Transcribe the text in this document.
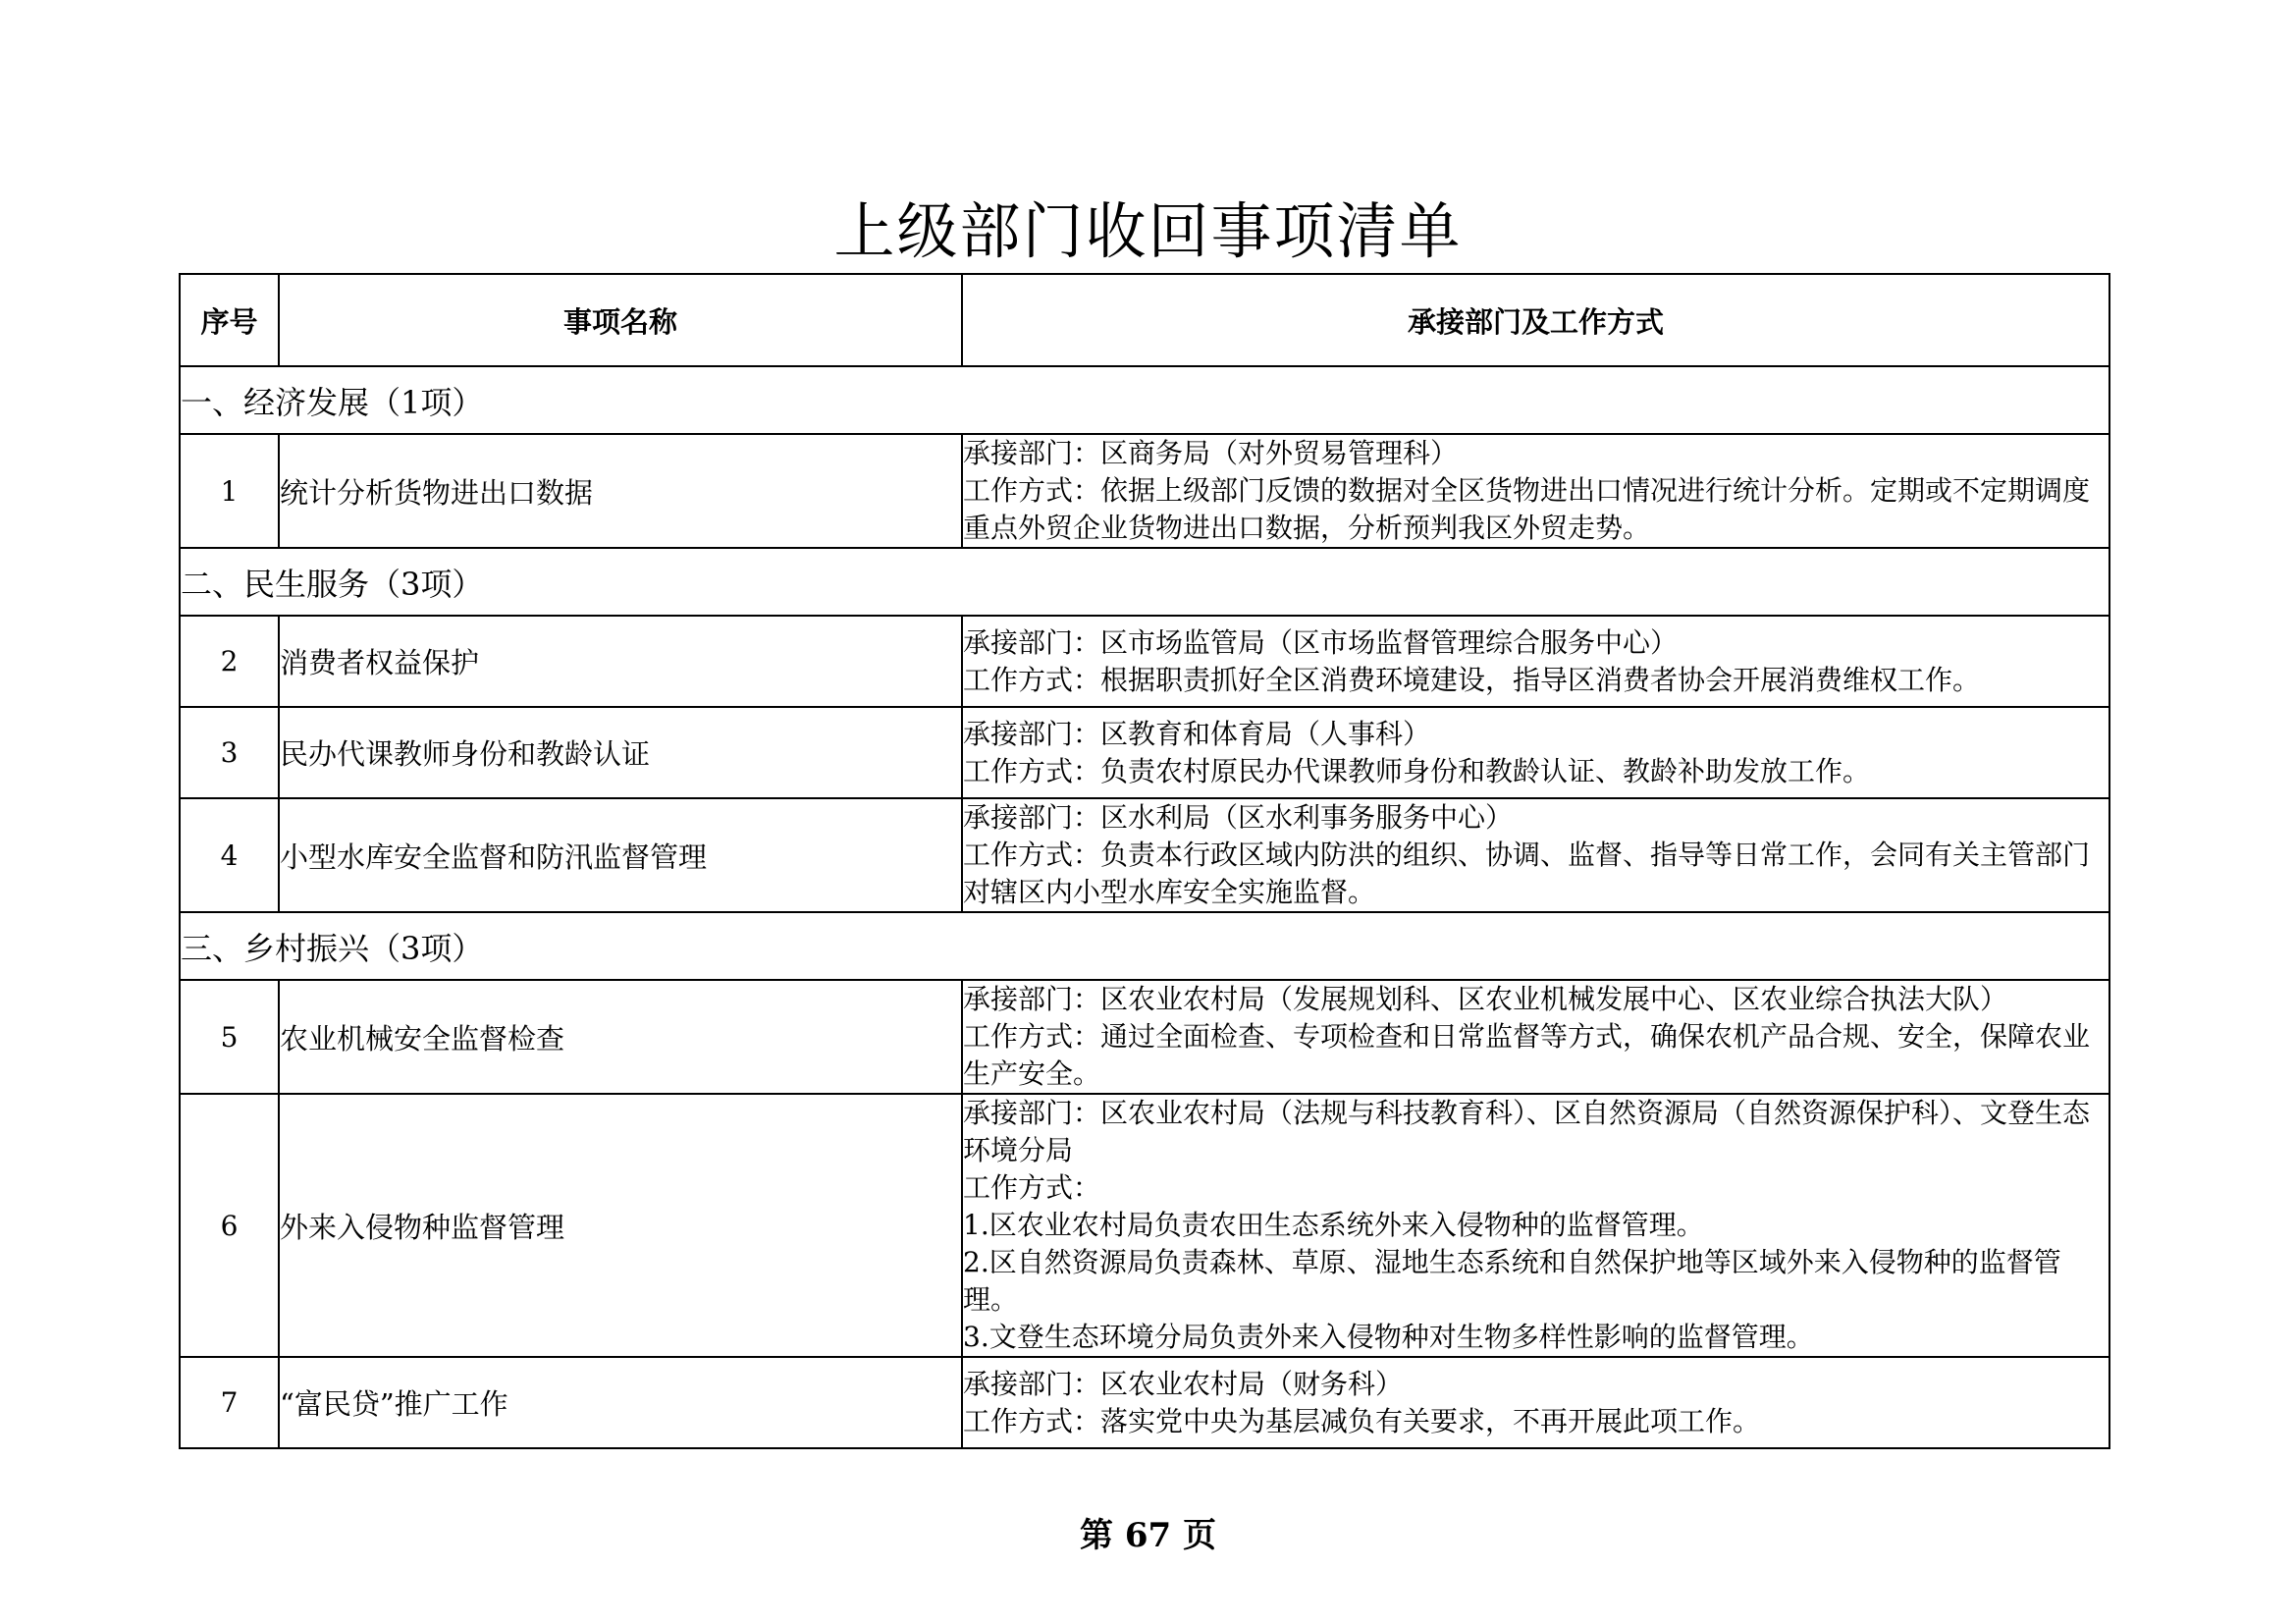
上级部门收回事项清单
序号	事项名称	承接部门及工作方式
一、经济发展（1项）		
1	统计分析货物进出口数据	承接部门：区商务局（对外贸易管理科）
工作方式：依据上级部门反馈的数据对全区货物进出口情况进行统计分析。定期或不定期调度重点外贸企业货物进出口数据，分析预判我区外贸走势。

二、民生服务（3项）		
2	消费者权益保护	承接部门：区市场监管局（区市场监督管理综合服务中心）
工作方式：根据职责抓好全区消费环境建设，指导区消费者协会开展消费维权工作。

3	民办代课教师身份和教龄认证	承接部门：区教育和体育局（人事科）
工作方式：负责农村原民办代课教师身份和教龄认证、教龄补助发放工作。

4	小型水库安全监督和防汛监督管理	承接部门：区水利局（区水利事务服务中心）
工作方式：负责本行政区域内防洪的组织、协调、监督、指导等日常工作，会同有关主管部门对辖区内小型水库安全实施监督。

三、乡村振兴（3项）		
5	农业机械安全监督检查	承接部门：区农业农村局（发展规划科、区农业机械发展中心、区农业综合执法大队）
工作方式：通过全面检查、专项检查和日常监督等方式，确保农机产品合规、安全，保障农业生产安全。

6	外来入侵物种监督管理	承接部门：区农业农村局（法规与科技教育科）、区自然资源局（自然资源保护科）、文登生态环境分局
工作方式：
1.区农业农村局负责农田生态系统外来入侵物种的监督管理。
2.区自然资源局负责森林、草原、湿地生态系统和自然保护地等区域外来入侵物种的监督管理。
3.文登生态环境分局负责外来入侵物种对生物多样性影响的监督管理。

7	“富民贷”推广工作	承接部门：区农业农村局（财务科）
工作方式：落实党中央为基层减负有关要求，不再开展此项工作。
第 67 页
